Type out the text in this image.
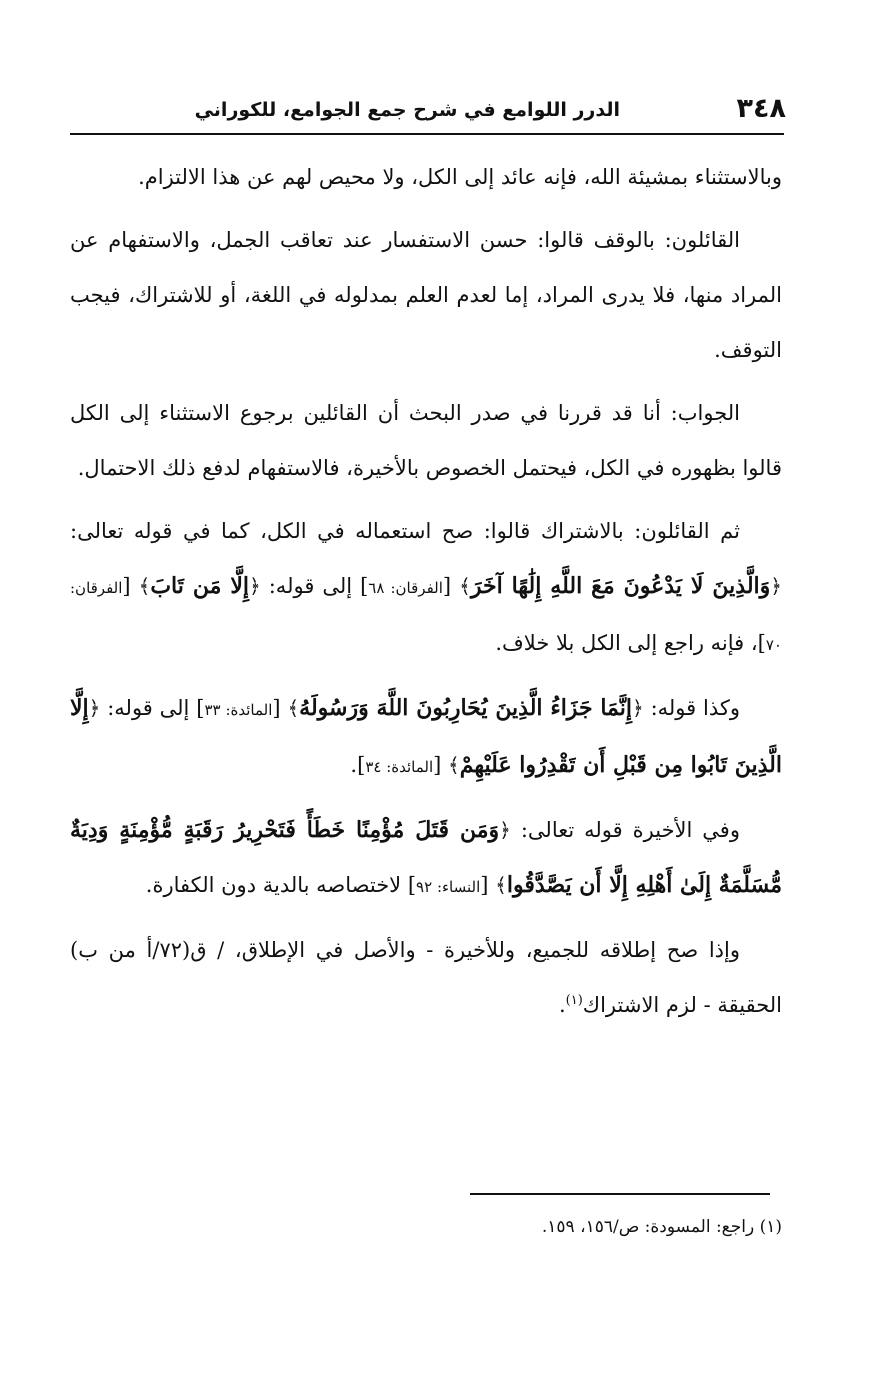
٣٤٨
الدرر اللوامع في شرح جمع الجوامع، للكوراني

وبالاستثناء بمشيئة الله، فإنه عائد إلى الكل، ولا محيص لهم عن هذا الالتزام.

القائلون: بالوقف قالوا: حسن الاستفسار عند تعاقب الجمل، والاستفهام عن المراد منها، فلا يدرى المراد، إما لعدم العلم بمدلوله في اللغة، أو للاشتراك، فيجب التوقف.

الجواب: أنا قد قررنا في صدر البحث أن القائلين برجوع الاستثناء إلى الكل قالوا بظهوره في الكل، فيحتمل الخصوص بالأخيرة، فالاستفهام لدفع ذلك الاحتمال.

ثم القائلون: بالاشتراك قالوا: صح استعماله في الكل، كما في قوله تعالى: ﴿وَالَّذِينَ لَا يَدْعُونَ مَعَ اللَّهِ إِلَٰهًا آخَرَ﴾ [الفرقان: ٦٨] إلى قوله: ﴿إِلَّا مَن تَابَ﴾ [الفرقان: ٧٠]، فإنه راجع إلى الكل بلا خلاف.

وكذا قوله: ﴿إِنَّمَا جَزَاءُ الَّذِينَ يُحَارِبُونَ اللَّهَ وَرَسُولَهُ﴾ [المائدة: ٣٣] إلى قوله: ﴿إِلَّا الَّذِينَ تَابُوا مِن قَبْلِ أَن تَقْدِرُوا عَلَيْهِمْ﴾ [المائدة: ٣٤].

وفي الأخيرة قوله تعالى: ﴿وَمَن قَتَلَ مُؤْمِنًا خَطَأً فَتَحْرِيرُ رَقَبَةٍ مُّؤْمِنَةٍ وَدِيَةٌ مُّسَلَّمَةٌ إِلَىٰ أَهْلِهِ إِلَّا أَن يَصَّدَّقُوا﴾ [النساء: ٩٢] لاختصاصه بالدية دون الكفارة.

وإذا صح إطلاقه للجميع، وللأخيرة - والأصل في الإطلاق، / ق(٧٢/أ من ب) الحقيقة - لزم الاشتراك$^{(١)}$.

(١) راجع: المسودة: ص/١٥٦، ١٥٩.
